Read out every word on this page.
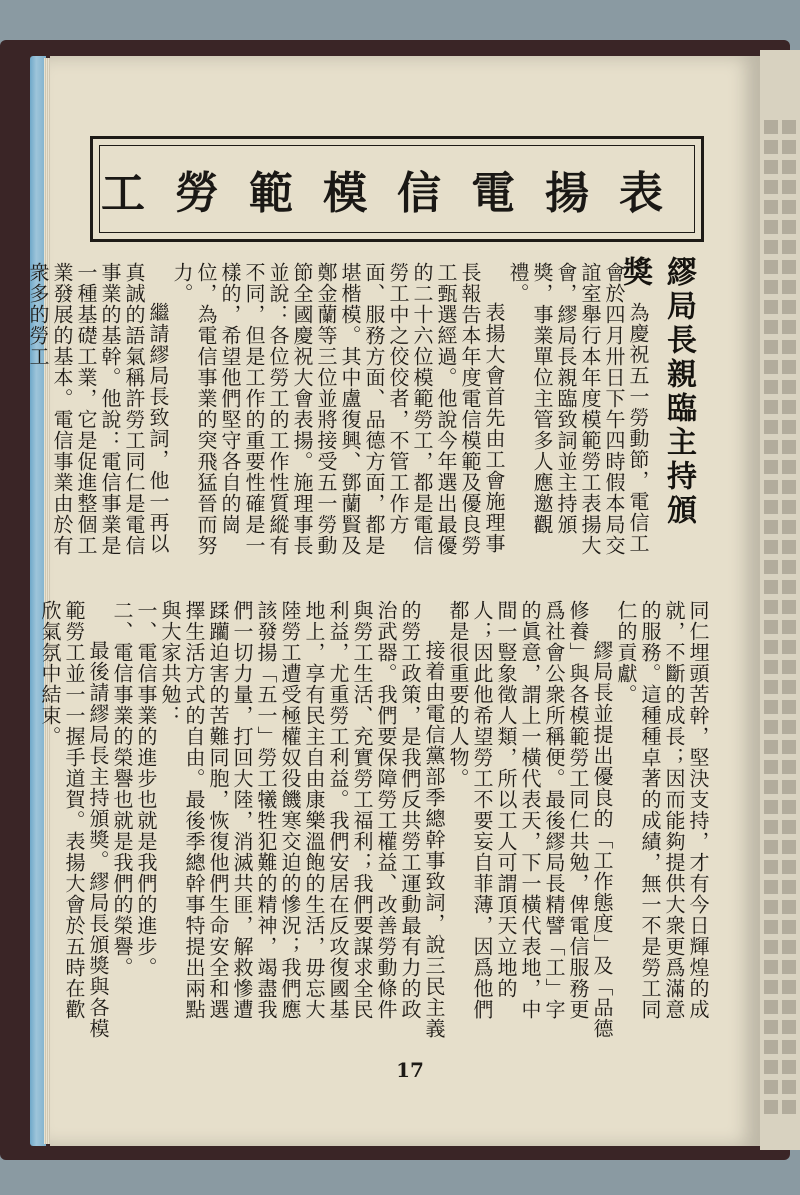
表揚電信模範勞工
繆局長親臨主持頒獎

為慶祝五一勞動節，電信工會於四月卅日下午四時假本局交誼室舉行本年度模範勞工表揚大會，繆局長親臨致詞並主持頒獎，事業單位主管多人應邀觀禮。

表揚大會首先由工會施理事長報告本年度電信模範及優良勞工甄選經過。他說今年選出最優的二十六位模範勞工，都是電信勞工中之佼佼者，不管工作方面、服務方面、品德方面，都是堪楷模。其中盧復興、鄧蘭賢及鄭金蘭等三位並將接受五一勞動節全國慶祝大會表揚。施理事長並說：各位勞工的工作性質縱有不同，但是工作的重要性確是一樣的，希望他們堅守各自的崗位，為電信事業的突飛猛晉而努力。

繼請繆局長致詞，他一再以真誠的語氣稱許勞工同仁是電信事業的基幹。他說：電信事業是一種基礎工業，它是促進整個工業發展的基本。電信事業由於有衆多的勞工

同仁埋頭苦幹，堅決支持，才有今日輝煌的成就，不斷的成長；因而能夠提供大衆更爲滿意的服務。這種種卓著的成績，無一不是勞工同仁的貢獻。

繆局長並提出優良的「工作態度」及「品德修養」與各模範勞工同仁共勉，俾電信服務更爲社會公衆所稱便。最後繆局長精譬「工」字的眞意，謂上一橫代表天，下一橫代表地，中間一豎象徵人類，所以工人可謂頂天立地的人；因此他希望勞工不要妄自菲薄，因爲他們都是很重要的人物。

接着由電信黨部季總幹事致詞，說三民主義的勞工政策，是我們反共勞工運動最有力的政治武器。我們要保障勞工權益、改善勞動條件與勞工生活、充實勞工福利；我們要謀求全民利益，尤重勞工利益。我們安居在反攻復國基地上，享有民主自由康樂溫飽的生活，毋忘大陸勞工遭受極權奴役饑寒交迫的慘況；我們應該發揚「五一」勞工犧牲犯難的精神，竭盡我們一切力量，打回大陸，消滅共匪，解救慘遭蹂躪迫害的苦難同胞，恢復他們生命安全和選擇生活方式的自由。最後季總幹事特提出兩點與大家共勉：

一、電信事業的進步也就是我們的進步。

二、電信事業的榮譽也就是我們的榮譽。

最後請繆局長主持頒獎。繆局長頒獎與各模範勞工並一一握手道賀。表揚大會於五時在歡欣氣氛中結束。

17
